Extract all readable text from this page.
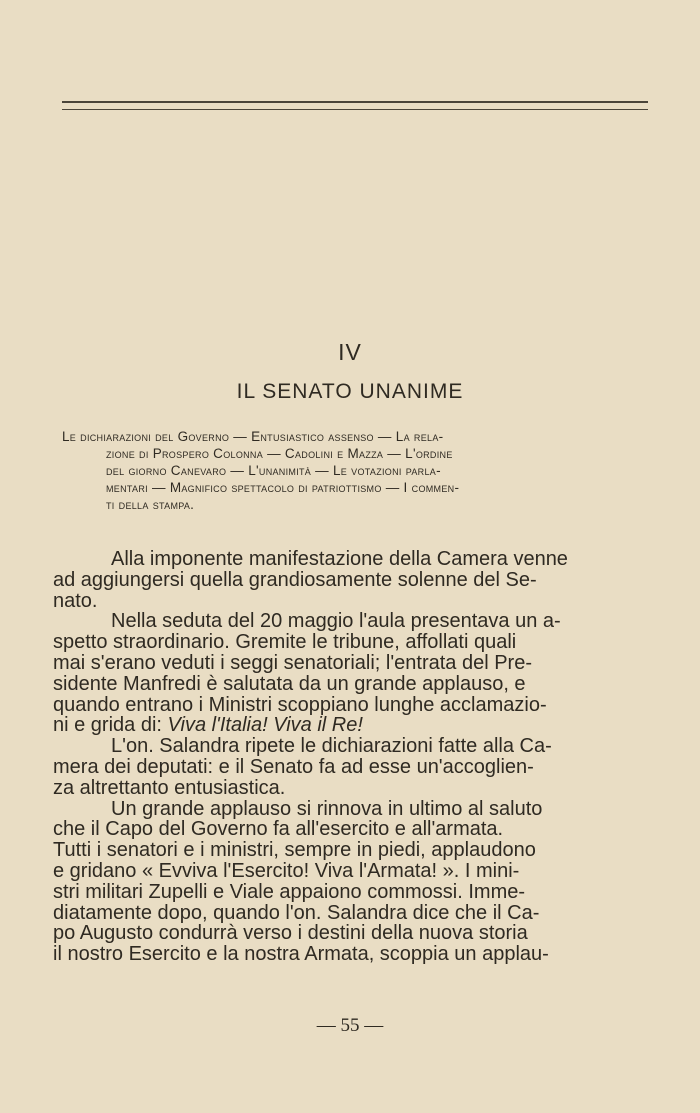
IV
IL SENATO UNANIME
Le dichiarazioni del Governo — Entusiastico assenso — La rela-
zione di Prospero Colonna — Cadolini e Mazza — L'ordine
del giorno Canevaro — L'unanimità — Le votazioni parla-
mentari — Magnifico spettacolo di patriottismo — I commen-
ti della stampa.
Alla imponente manifestazione della Camera venne
ad aggiungersi quella grandiosamente solenne del Se-
nato.
Nella seduta del 20 maggio l'aula presentava un a-
spetto straordinario. Gremite le tribune, affollati quali
mai s'erano veduti i seggi senatoriali; l'entrata del Pre-
sidente Manfredi è salutata da un grande applauso, e
quando entrano i Ministri scoppiano lunghe acclamazio-
ni e grida di: Viva l'Italia! Viva il Re!
L'on. Salandra ripete le dichiarazioni fatte alla Ca-
mera dei deputati: e il Senato fa ad esse un'accoglien-
za altrettanto entusiastica.
Un grande applauso si rinnova in ultimo al saluto
che il Capo del Governo fa all'esercito e all'armata.
Tutti i senatori e i ministri, sempre in piedi, applaudono
e gridano « Evviva l'Esercito! Viva l'Armata! ». I mini-
stri militari Zupelli e Viale appaiono commossi. Imme-
diatamente dopo, quando l'on. Salandra dice che il Ca-
po Augusto condurrà verso i destini della nuova storia
il nostro Esercito e la nostra Armata, scoppia un applau-
— 55 —
